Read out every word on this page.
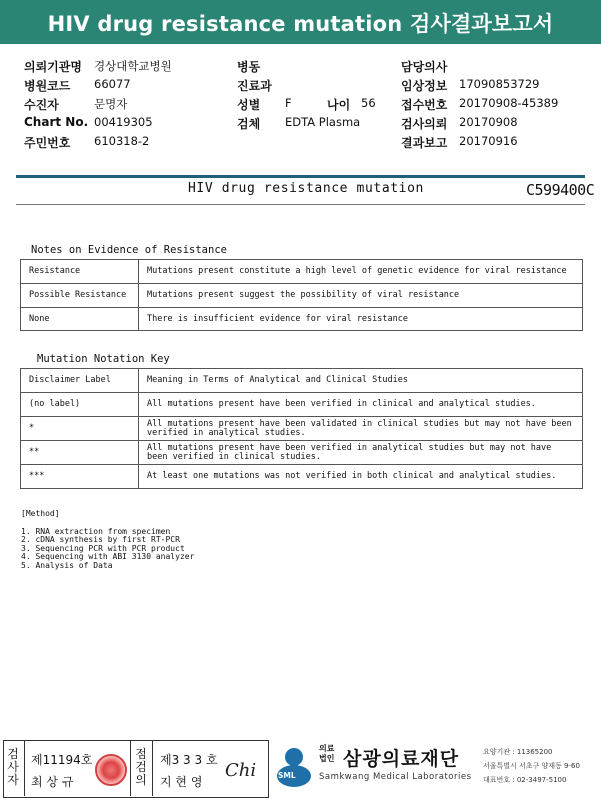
HIV drug resistance mutation 검사결과보고서
의뢰기관명 경상대학교병원
병원코드 66077
수진자	문명자
Chart No. 00419305
주민번호 610318-2
병동
진료과
성별 F	나이 56
검체 EDTA Plasma
담당의사
임상정보 17090853729
접수번호 20170908-45389
검사의뢰 20170908
결과보고 20170916
HIV drug resistance mutation	C599400C
Notes on Evidence of Resistance
Resistance	Mutations present constitute a high level of genetic evidence for viral resistance
Possible Resistance	Mutations present suggest the possibility of viral resistance
None	There is insufficient evidence for viral resistance
Mutation Notation Key
Disclaimer Label	Meaning in Terms of Analytical and Clinical Studies
(no label)	All mutations present have been verified in clinical and analytical studies.
*	All mutations present have been validated in clinical studies but may not have been verified in analytical studies.
**	All mutations present have been verified in analytical studies but may not have been verified in clinical studies.
***	At least one mutations was not verified in both clinical and analytical studies.
[Method]
1. RNA extraction from specimen
2. cDNA synthesis by first RT-PCR
3. Sequencing PCR with PCR product
4. Sequencing with ABI 3130 analyzer
5. Analysis of Data
검사자
제11194호
최 상 규
점검의
제3 3 3 호
지 현 영
Chi	SML
의료법인 삼광의료재단
Samkwang Medical Laboratories
요양기관 : 11365200
서울특별시 서초구 양재동 9-60
대표번호 : 02-3497-5100
